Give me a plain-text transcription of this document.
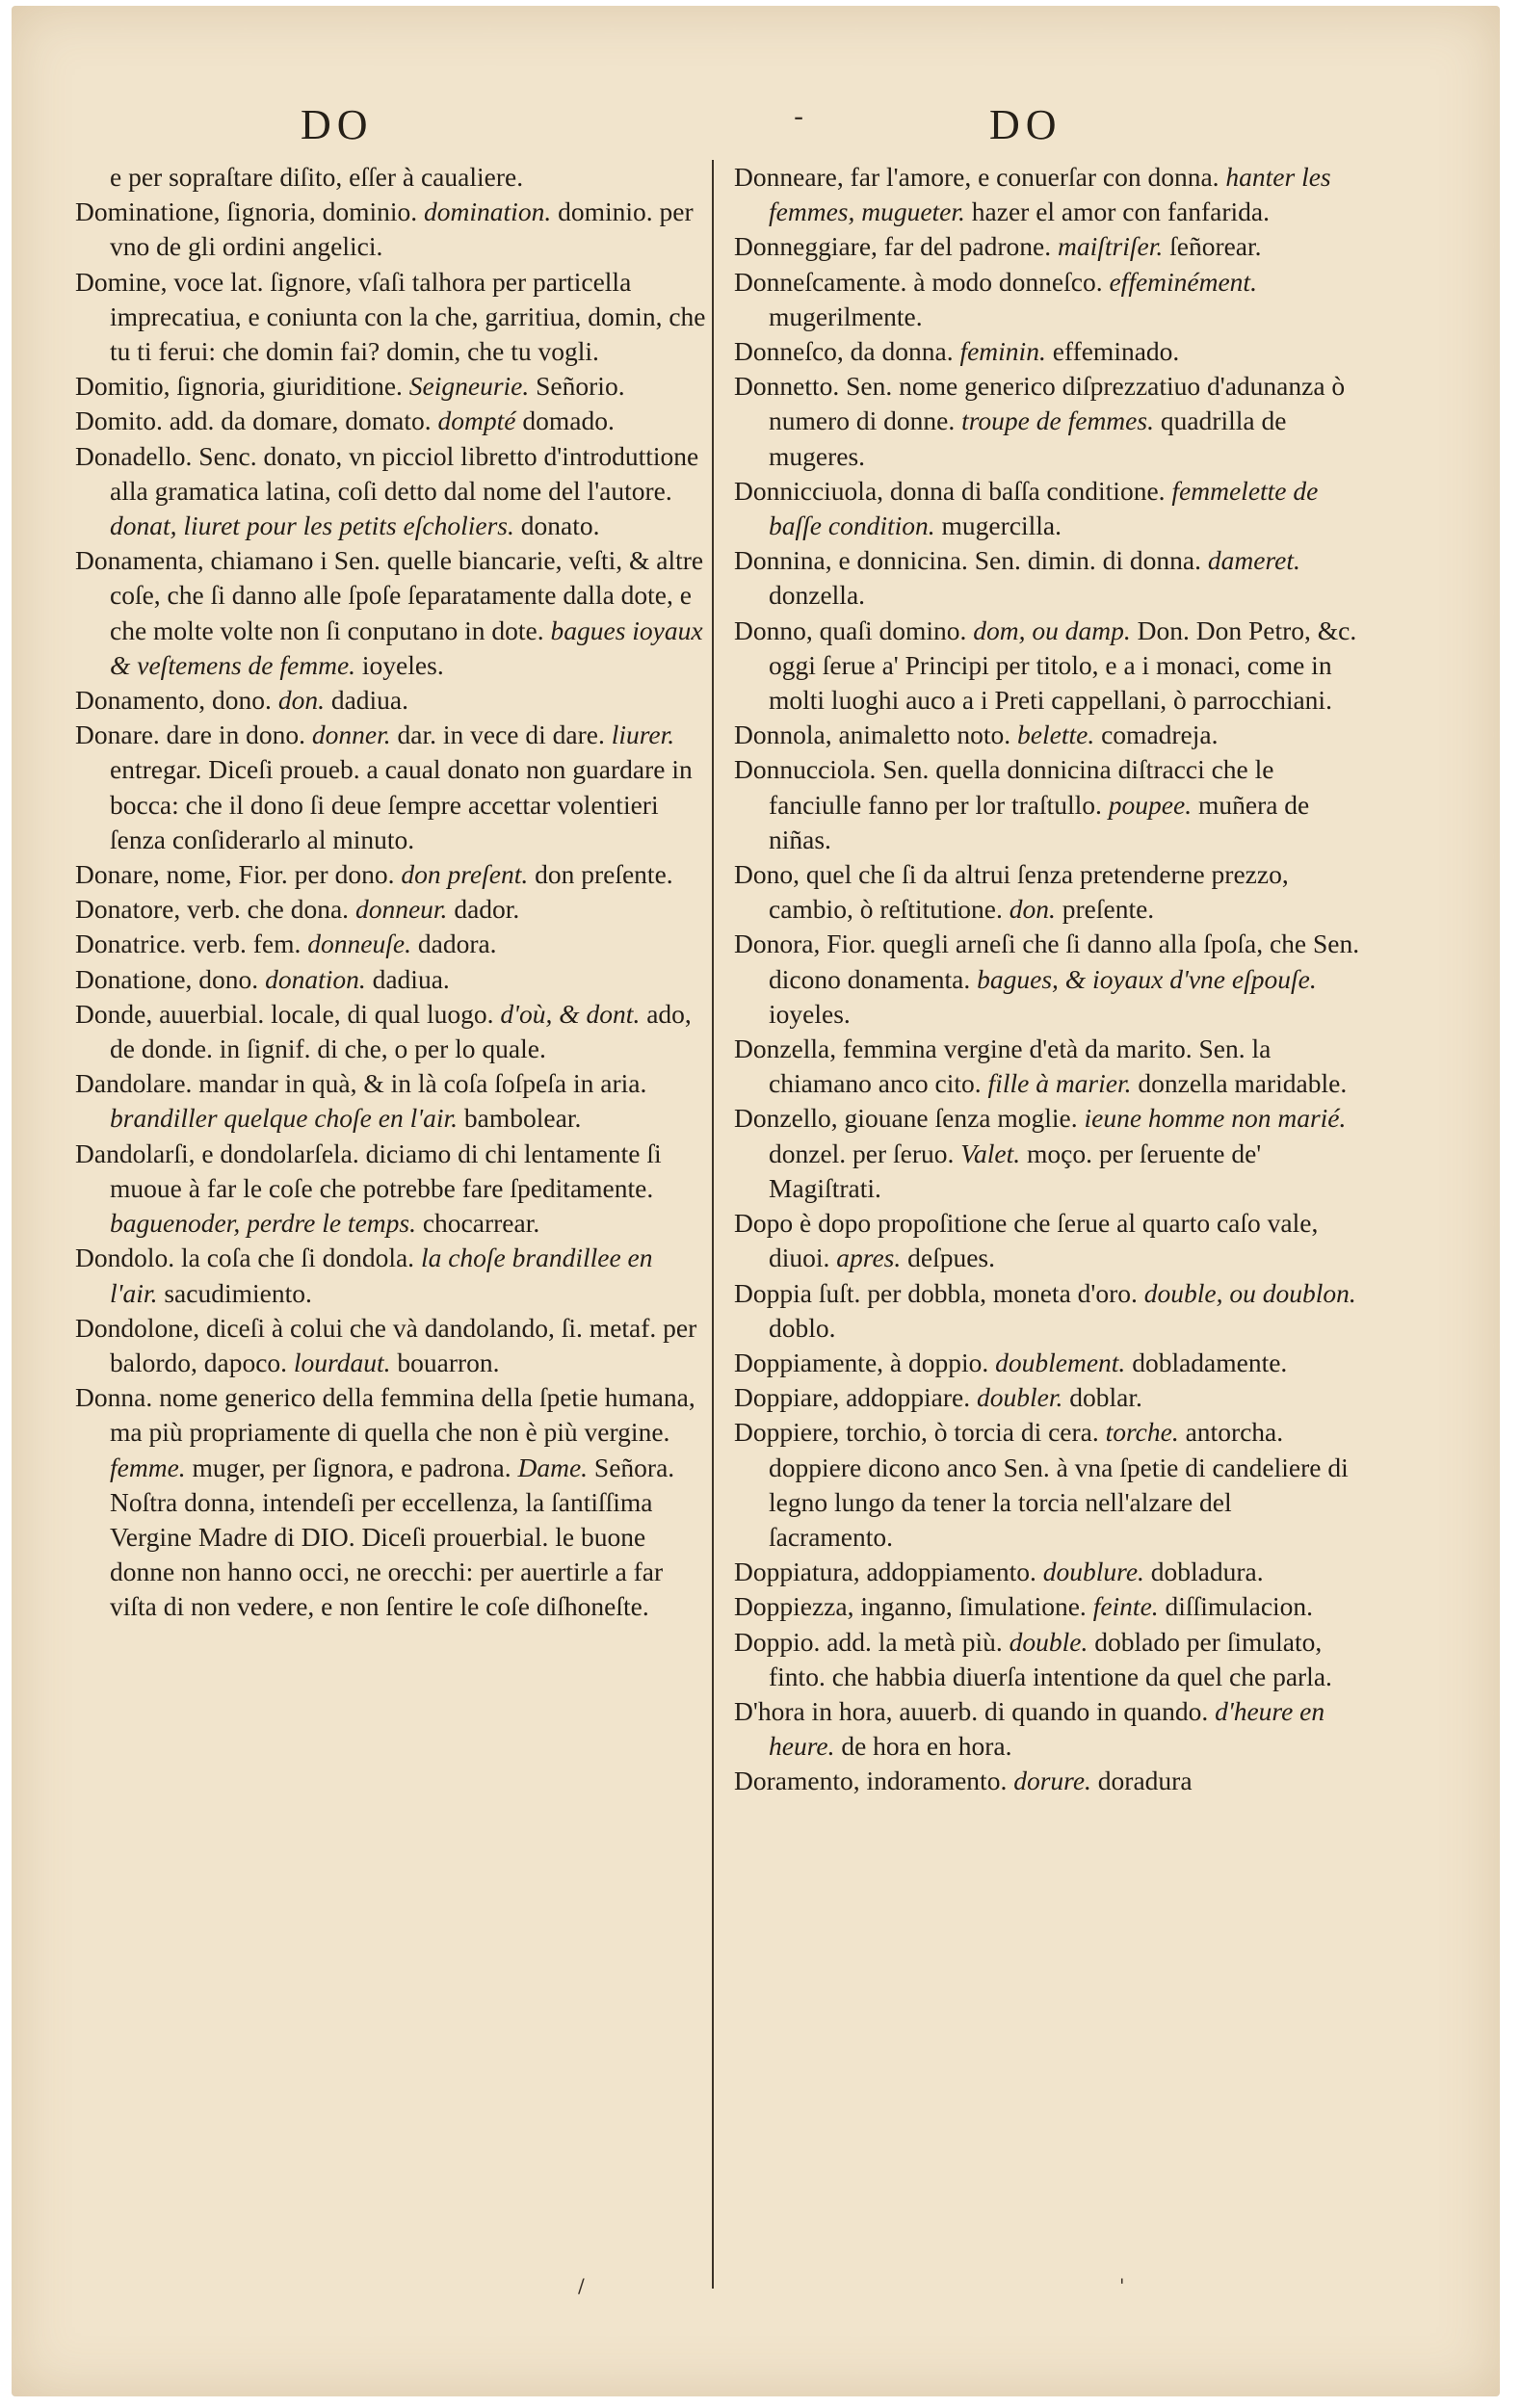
DO	-	DO

e per sopraſtare diſito, eſſer à caualiere.

Dominatione, ſignoria, dominio. domination. dominio. per vno de gli ordini angelici.

Domine, voce lat. ſignore, vſaſi talhora per particella imprecatiua, e coniunta con la che, garritiua, domin, che tu ti ferui: che domin fai? domin, che tu vogli.

Domitio, ſignoria, giuriditione. Seigneurie. Señorio.

Domito. add. da domare, domato. dompté domado.

Donadello. Senc. donato, vn picciol libretto d'introduttione alla gramatica latina, coſi detto dal nome del l'autore. donat, liuret pour les petits eſcholiers. donato.

Donamenta, chiamano i Sen. quelle biancarie, veſti, & altre coſe, che ſi danno alle ſpoſe ſeparatamente dalla dote, e che molte volte non ſi conputano in dote. bagues ioyaux & veſtemens de femme. ioyeles.

Donamento, dono. don. dadiua.

Donare. dare in dono. donner. dar. in vece di dare. liurer. entregar. Diceſi proueb. a caual donato non guardare in bocca: che il dono ſi deue ſempre accettar volentieri ſenza conſiderarlo al minuto.

Donare, nome, Fior. per dono. don preſent. don preſente.

Donatore, verb. che dona. donneur. dador.

Donatrice. verb. fem. donneuſe. dadora.

Donatione, dono. donation. dadiua.

Donde, auuerbial. locale, di qual luogo. d'où, & dont. ado, de donde. in ſignif. di che, o per lo quale.

Dandolare. mandar in quà, & in là coſa ſoſpeſa in aria. brandiller quelque choſe en l'air. bambolear.

Dandolarſi, e dondolarſela. diciamo di chi lentamente ſi muoue à far le coſe che potrebbe fare ſpeditamente. baguenoder, perdre le temps. chocarrear.

Dondolo. la coſa che ſi dondola. la choſe brandillee en l'air. sacudimiento.

Dondolone, diceſi à colui che và dandolando, ſi. metaf. per balordo, dapoco. lourdaut. bouarron.

Donna. nome generico della femmina della ſpetie humana, ma più propriamente di quella che non è più vergine. femme. muger, per ſignora, e padrona. Dame. Señora. Noſtra donna, intendeſi per eccellenza, la ſantiſſima Vergine Madre di DIO. Diceſi prouerbial. le buone donne non hanno occi, ne orecchi: per auertirle a far viſta di non vedere, e non ſentire le coſe diſhoneſte.

Donneare, far l'amore, e conuerſar con donna. hanter les femmes, mugueter. hazer el amor con fanfarida.

Donneggiare, far del padrone. maiſtriſer. ſeñorear.

Donneſcamente. à modo donneſco. effeminément. mugerilmente.

Donneſco, da donna. feminin. effeminado.

Donnetto. Sen. nome generico diſprezzatiuo d'adunanza ò numero di donne. troupe de femmes. quadrilla de mugeres.

Donnicciuola, donna di baſſa conditione. femmelette de baſſe condition. mugercilla.

Donnina, e donnicina. Sen. dimin. di donna. dameret. donzella.

Donno, quaſi domino. dom, ou damp. Don. Don Petro, &c. oggi ſerue a' Principi per titolo, e a i monaci, come in molti luoghi auco a i Preti cappellani, ò parrocchiani.

Donnola, animaletto noto. belette. comadreja.

Donnucciola. Sen. quella donnicina diſtracci che le fanciulle fanno per lor traſtullo. poupee. muñera de niñas.

Dono, quel che ſi da altrui ſenza pretenderne prezzo, cambio, ò reſtitutione. don. preſente.

Donora, Fior. quegli arneſi che ſi danno alla ſpoſa, che Sen. dicono donamenta. bagues, & ioyaux d'vne eſpouſe. ioyeles.

Donzella, femmina vergine d'età da marito. Sen. la chiamano anco cito. fille à marier. donzella maridable.

Donzello, giouane ſenza moglie. ieune homme non marié. donzel. per ſeruo. Valet. moço. per ſeruente de' Magiſtrati.

Dopo è dopo propoſitione che ſerue al quarto caſo vale, diuoi. apres. deſpues.

Doppia ſuſt. per dobbla, moneta d'oro. double, ou doublon. doblo.

Doppiamente, à doppio. doublement. dobladamente.

Doppiare, addoppiare. doubler. doblar.

Doppiere, torchio, ò torcia di cera. torche. antorcha. doppiere dicono anco Sen. à vna ſpetie di candeliere di legno lungo da tener la torcia nell'alzare del ſacramento.

Doppiatura, addoppiamento. doublure. dobladura.

Doppiezza, inganno, ſimulatione. feinte. diſſimulacion.

Doppio. add. la metà più. double. doblado per ſimulato, finto. che habbia diuerſa intentione da quel che parla.

D'hora in hora, auuerb. di quando in quando. d'heure en heure. de hora en hora.

Doramento, indoramento. dorure. doradura

/	'
